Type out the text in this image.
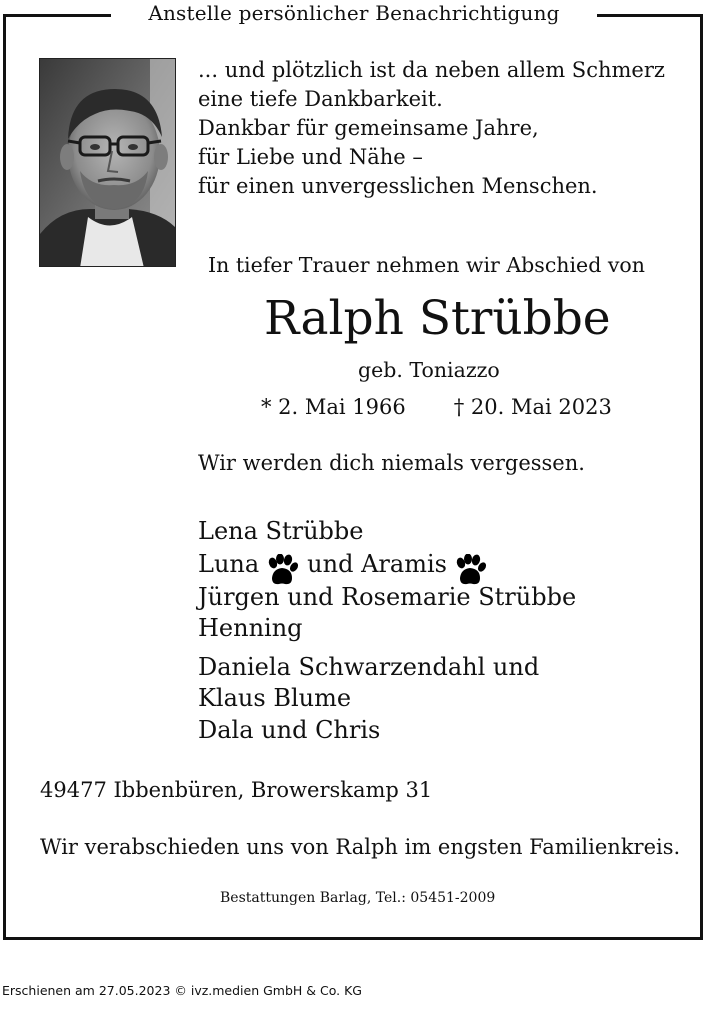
Anstelle persönlicher Benachrichtigung
... und plötzlich ist da neben allem Schmerz
eine tiefe Dankbarkeit.
Dankbar für gemeinsame Jahre,
für Liebe und Nähe –
für einen unvergesslichen Menschen.
In tiefer Trauer nehmen wir Abschied von
Ralph Strübbe
geb. Toniazzo
* 2. Mai 1966 † 20. Mai 2023
Wir werden dich niemals vergessen.
Lena Strübbe
Luna und Aramis
Jürgen und Rosemarie Strübbe
Henning
Daniela Schwarzendahl und
Klaus Blume
Dala und Chris
49477 Ibbenbüren, Browerskamp 31
Wir verabschieden uns von Ralph im engsten Familienkreis.
Bestattungen Barlag, Tel.: 05451-2009
Erschienen am 27.05.2023 © ivz.medien GmbH & Co. KG
